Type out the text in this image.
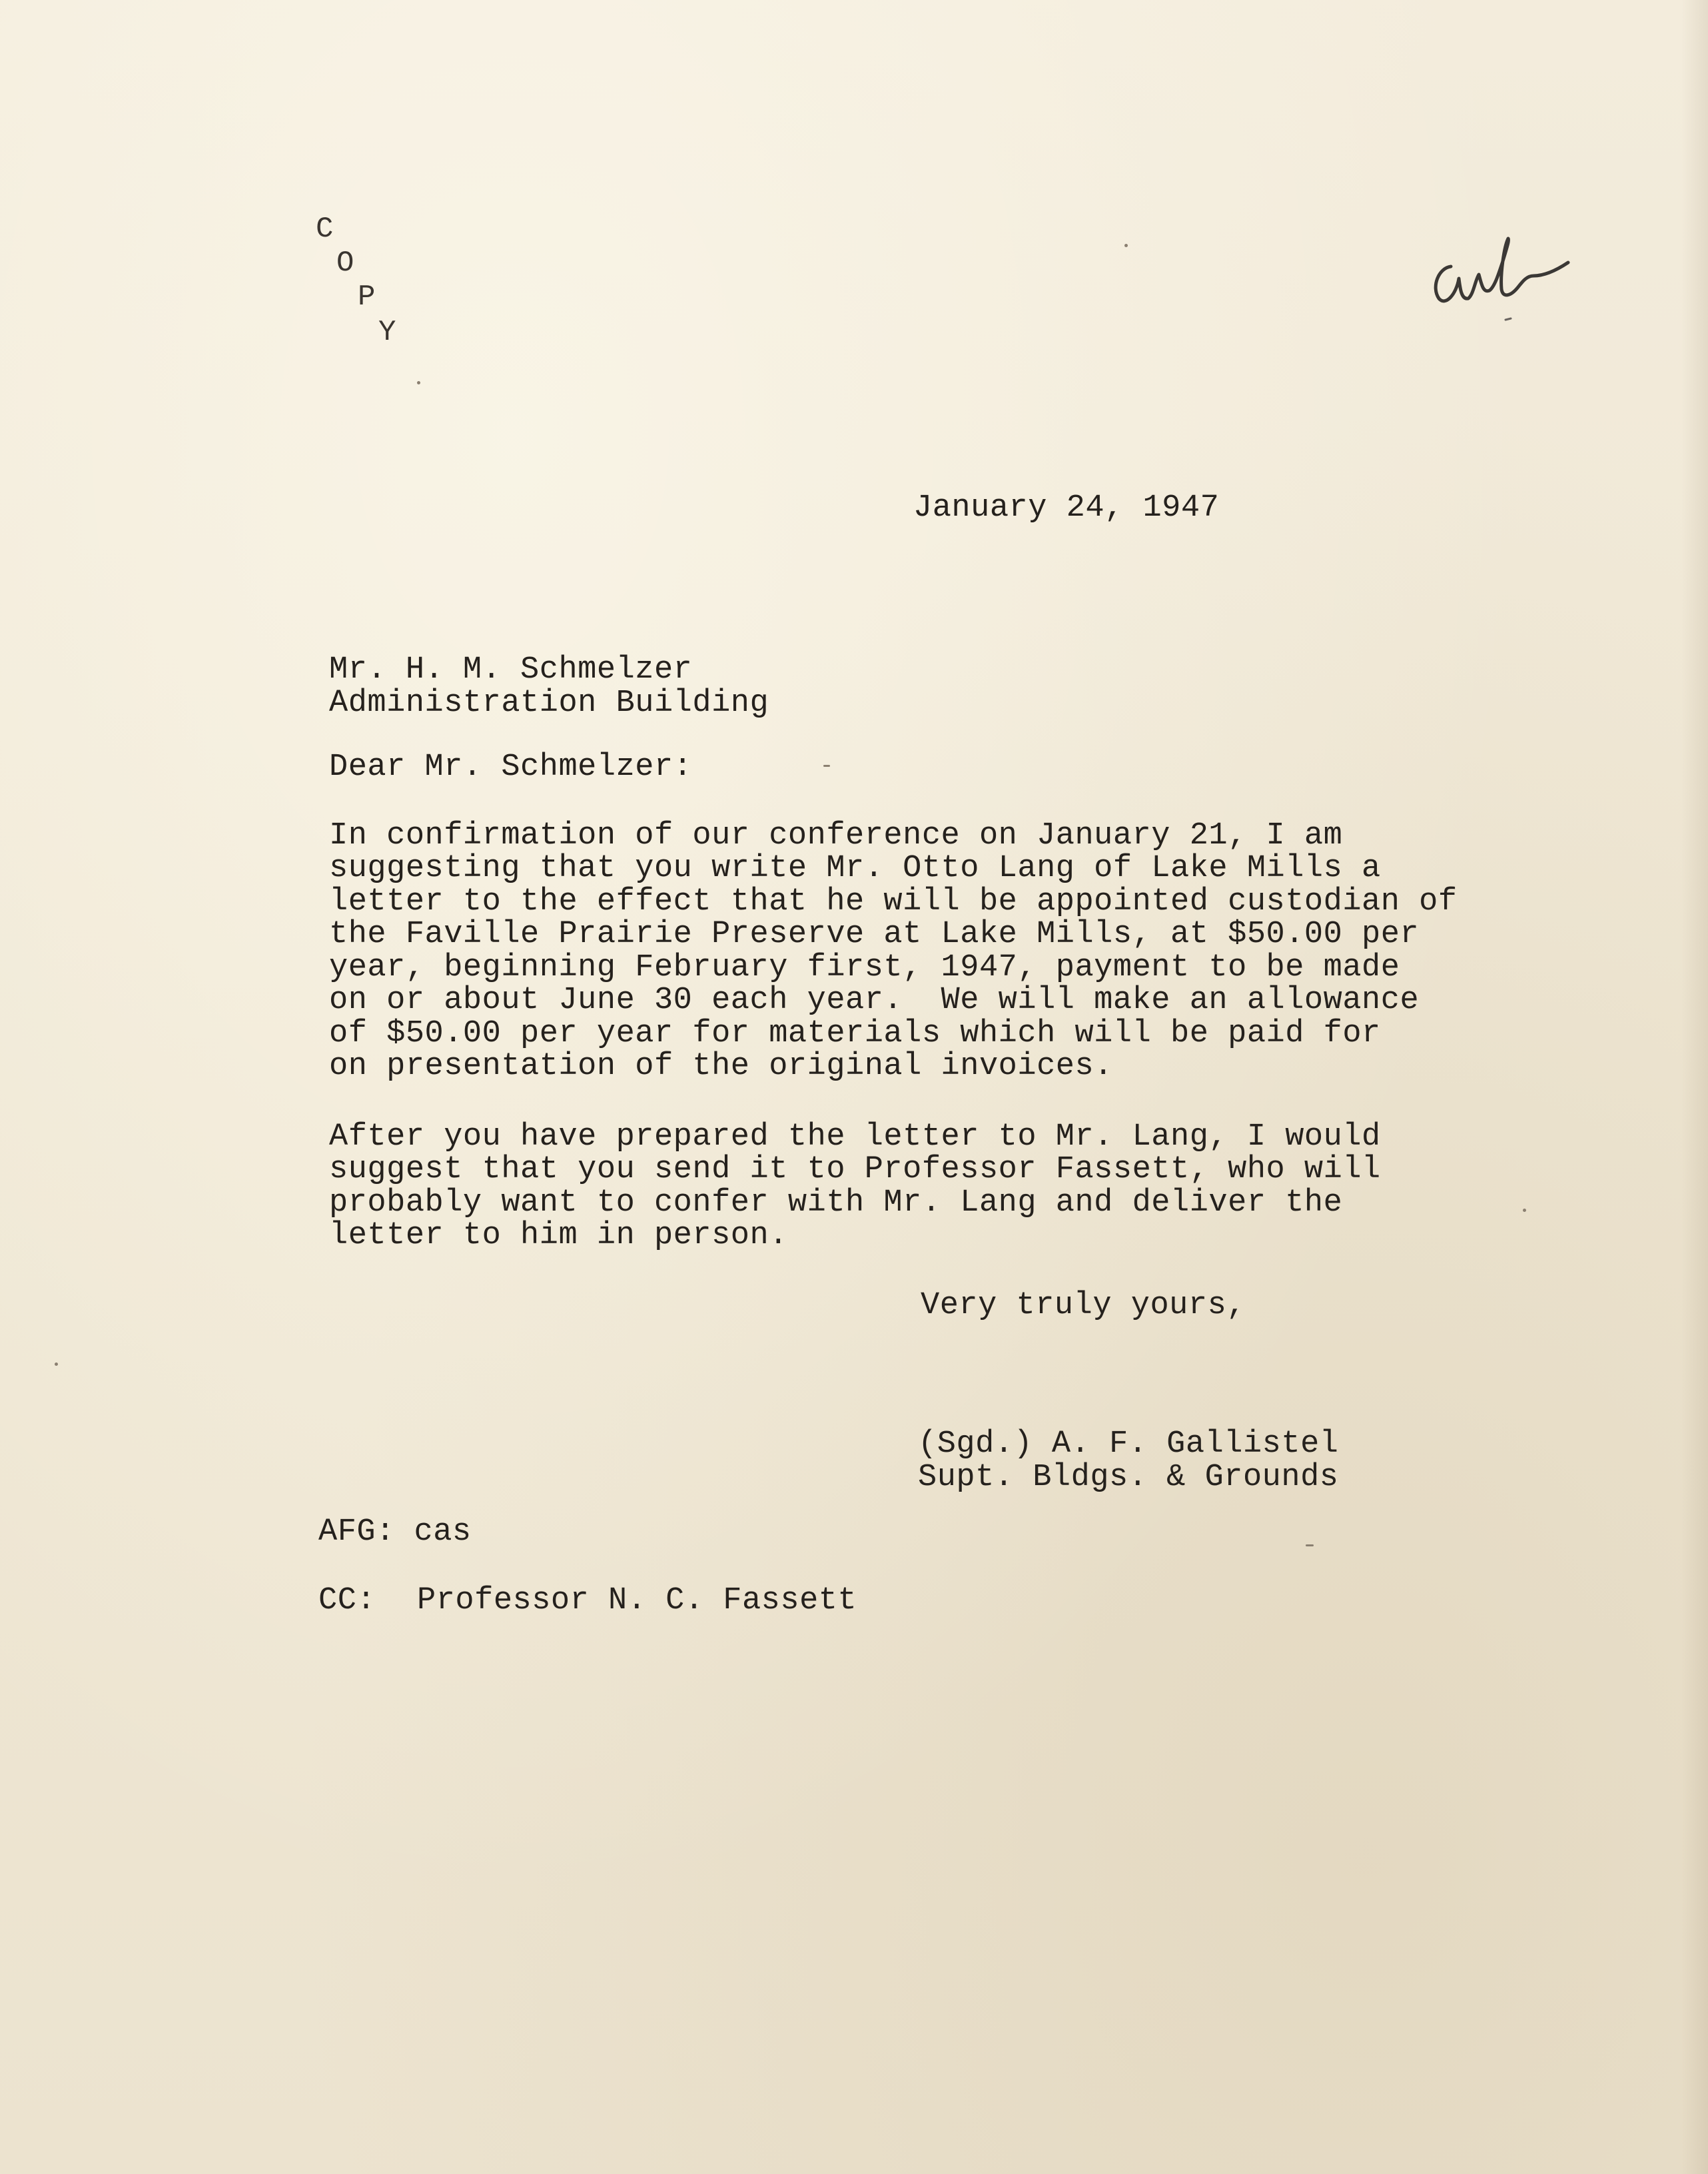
C
O
P
Y
January 24, 1947
Mr. H. M. Schmelzer
Administration Building
Dear Mr. Schmelzer:
In confirmation of our conference on January 21, I am
suggesting that you write Mr. Otto Lang of Lake Mills a
letter to the effect that he will be appointed custodian of
the Faville Prairie Preserve at Lake Mills, at $50.00 per
year, beginning February first, 1947, payment to be made
on or about June 30 each year.  We will make an allowance
of $50.00 per year for materials which will be paid for
on presentation of the original invoices.
After you have prepared the letter to Mr. Lang, I would
suggest that you send it to Professor Fassett, who will
probably want to confer with Mr. Lang and deliver the
letter to him in person.
Very truly yours,
(Sgd.) A. F. Gallistel
Supt. Bldgs. & Grounds
AFG: cas
CC: Professor N. C. Fassett
